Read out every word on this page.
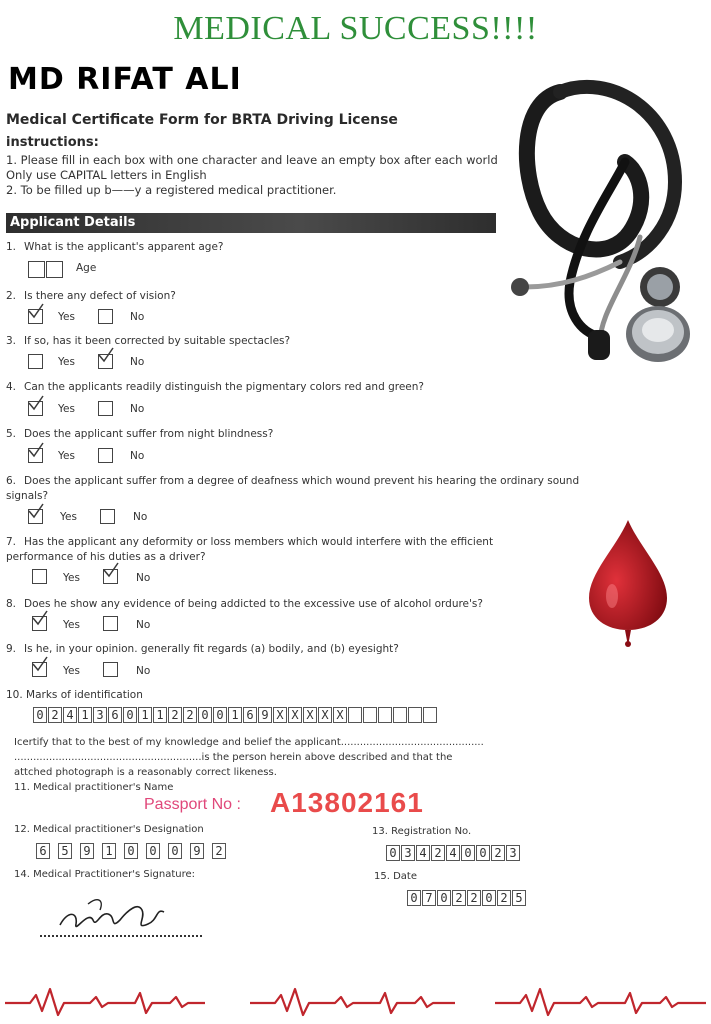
MEDICAL SUCCESS!!!!
MD RIFAT ALI
Medical Certificate Form for BRTA Driving License
instructions:
1. Please fill in each box with one character and leave an empty box after each world
Only use CAPITAL letters in English
2. To be filled up b——y a registered medical practitioner.
Applicant Details
1. What is the applicant's apparent age?
Age
2. Is there any defect of vision?
Yes	No
3. If so, has it been corrected by suitable spectacles?
Yes	No
4. Can the applicants readily distinguish the pigmentary colors red and green?
Yes	No
5. Does the applicant suffer from night blindness?
Yes	No
6. Does the applicant suffer from a degree of deafness which wound prevent his hearing the ordinary sound
signals?
Yes	No
7. Has the applicant any deformity or loss members which would interfere with the efficient
performance of his duties as a driver?
Yes	No
8. Does he show any evidence of being addicted to the excessive use of alcohol ordure's?
Yes	No
9. Is he, in your opinion. generally fit regards (a) bodily, and (b) eyesight?
Yes	No
10. Marks of identification
0 2 4 1 3 6 0 1 1 2 2 0 0 1 6 9 X X X X X
Icertify that to the best of my knowledge and belief the applicant.............................................
...........................................................is the person herein above described and that the
attched photograph is a reasonably correct likeness.
11. Medical practitioner's Name
Passport No : A13802161
12. Medical practitioner's Designation
6 5 9 1 0 0 0 9 2
13. Registration No.
0 3 4 2 4 0 0 2 3
14. Medical Practitioner's Signature:	15. Date
0 7 0 2 2 0 2 5
